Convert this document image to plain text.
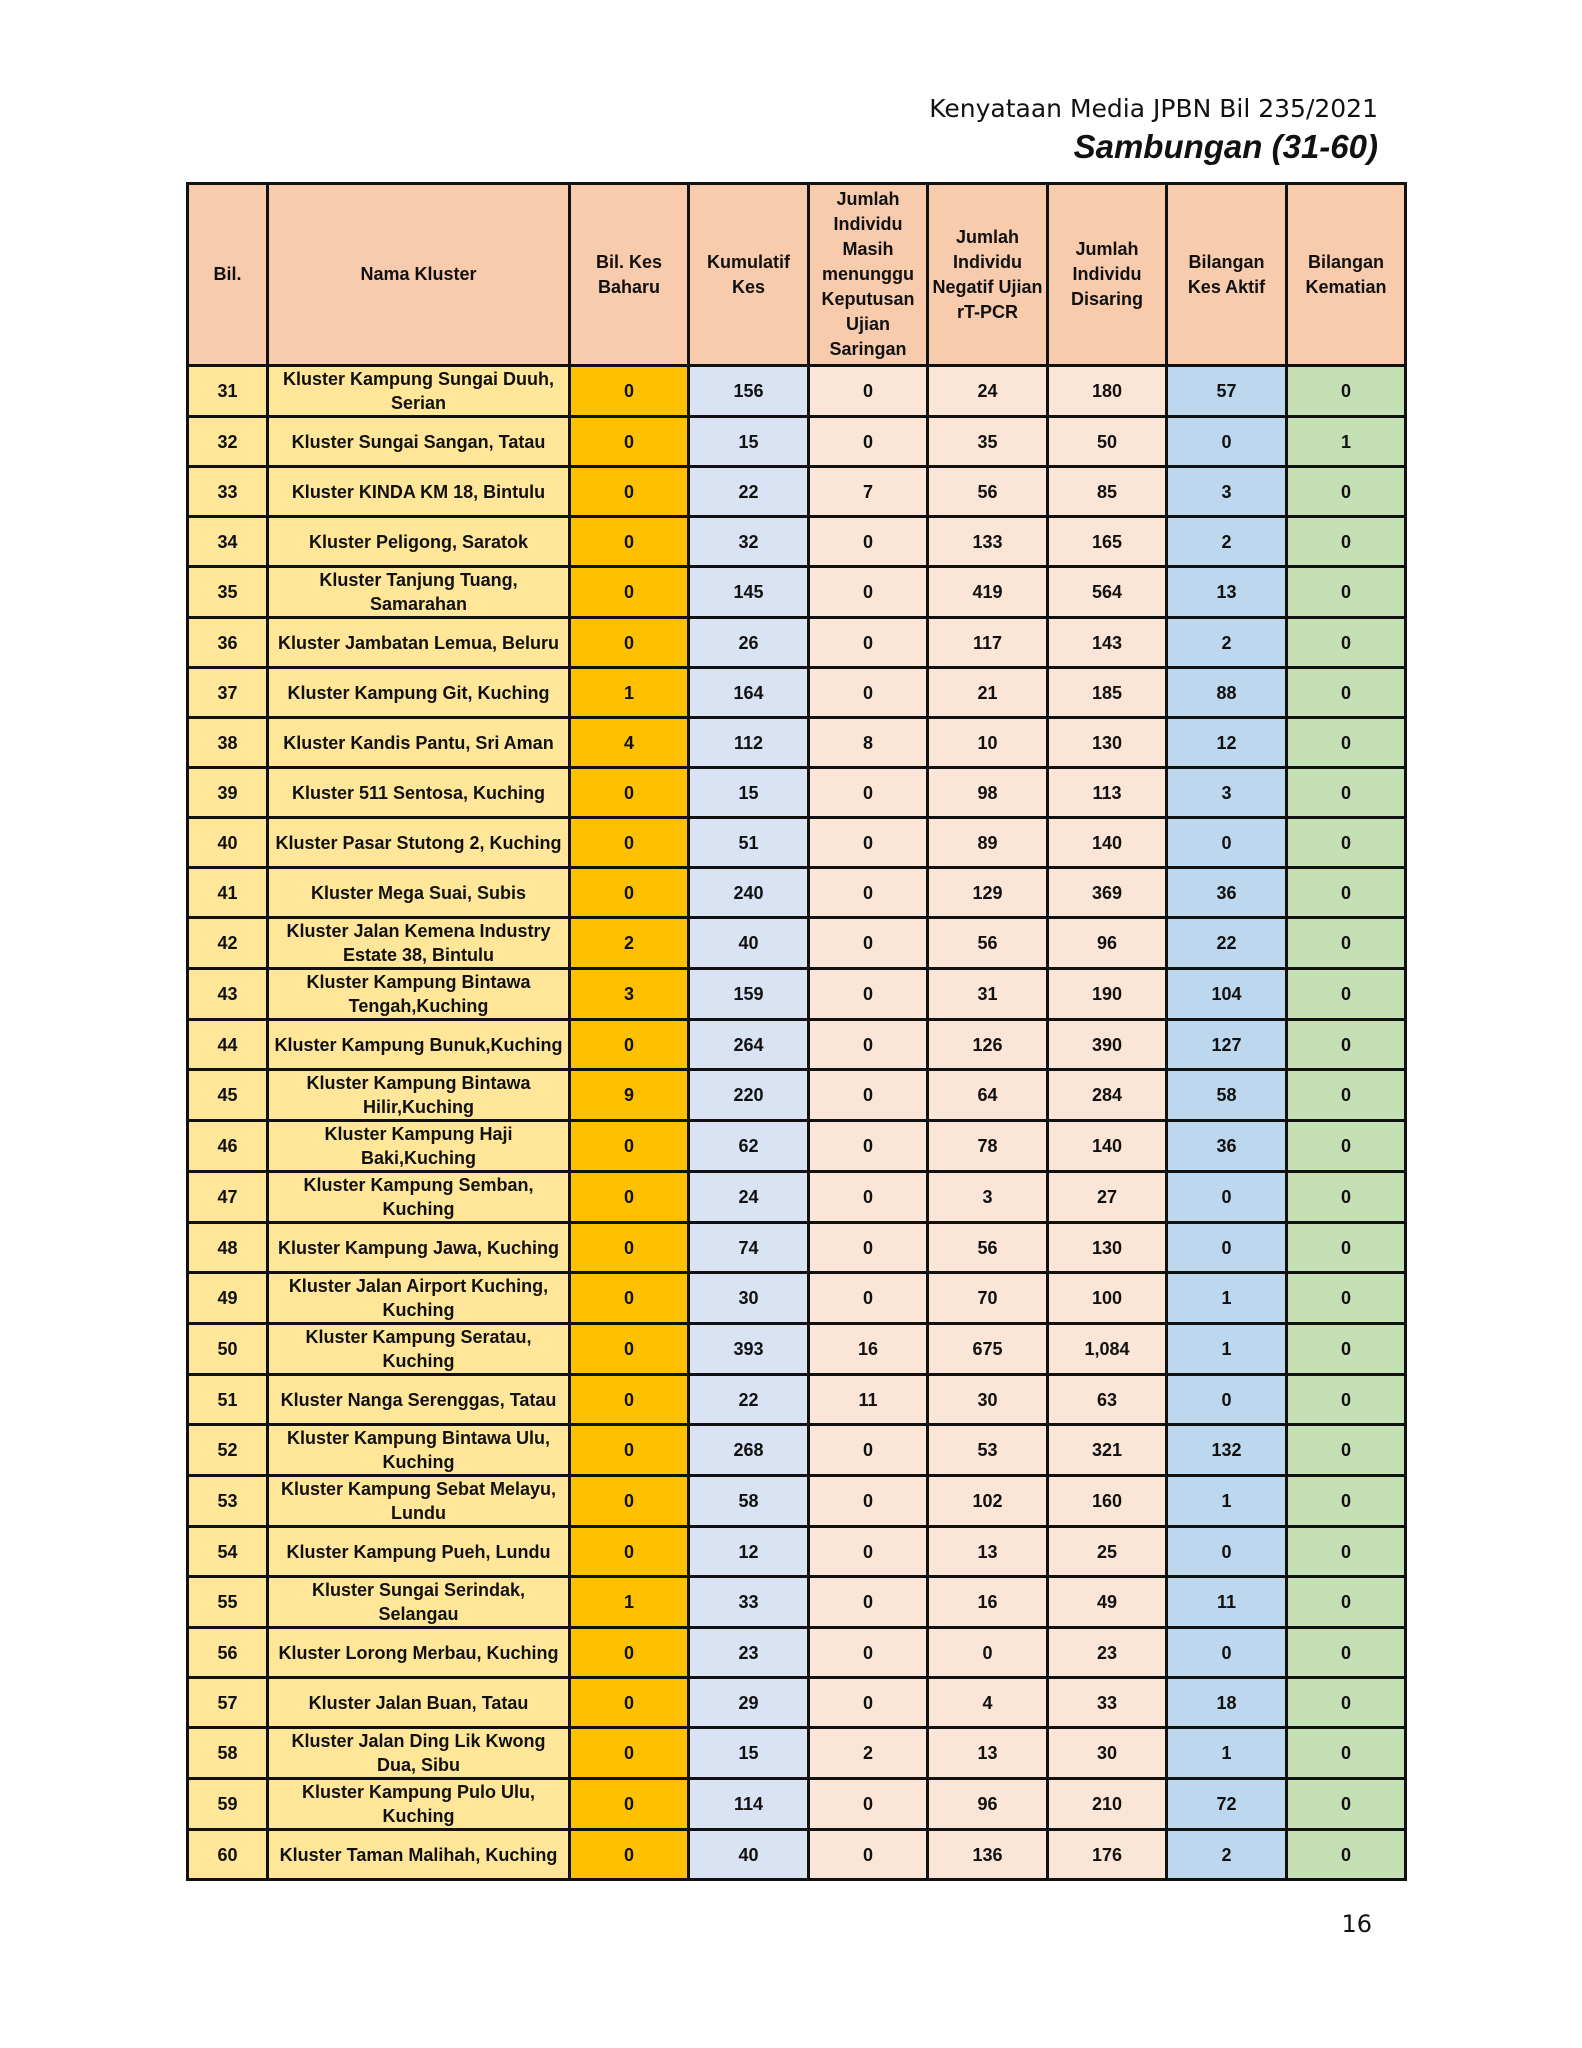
Kenyataan Media JPBN Bil 235/2021
Sambungan (31-60)
Bil.	Nama Kluster	Bil. Kes Baharu	Kumulatif Kes	Jumlah Individu Masih menunggu Keputusan Ujian Saringan	Jumlah Individu Negatif Ujian rT-PCR	Jumlah Individu Disaring	Bilangan Kes Aktif	Bilangan Kematian
31	Kluster Kampung Sungai Duuh, Serian	0	156	0	24	180	57	0
32	Kluster Sungai Sangan, Tatau	0	15	0	35	50	0	1
33	Kluster KINDA KM 18, Bintulu	0	22	7	56	85	3	0
34	Kluster Peligong, Saratok	0	32	0	133	165	2	0
35	Kluster Tanjung Tuang, Samarahan	0	145	0	419	564	13	0
36	Kluster Jambatan Lemua, Beluru	0	26	0	117	143	2	0
37	Kluster Kampung Git, Kuching	1	164	0	21	185	88	0
38	Kluster Kandis Pantu, Sri Aman	4	112	8	10	130	12	0
39	Kluster 511 Sentosa, Kuching	0	15	0	98	113	3	0
40	Kluster Pasar Stutong 2, Kuching	0	51	0	89	140	0	0
41	Kluster Mega Suai, Subis	0	240	0	129	369	36	0
42	Kluster Jalan Kemena Industry Estate 38, Bintulu	2	40	0	56	96	22	0
43	Kluster Kampung Bintawa Tengah,Kuching	3	159	0	31	190	104	0
44	Kluster Kampung Bunuk,Kuching	0	264	0	126	390	127	0
45	Kluster Kampung Bintawa Hilir,Kuching	9	220	0	64	284	58	0
46	Kluster Kampung Haji Baki,Kuching	0	62	0	78	140	36	0
47	Kluster Kampung Semban, Kuching	0	24	0	3	27	0	0
48	Kluster Kampung Jawa, Kuching	0	74	0	56	130	0	0
49	Kluster Jalan Airport Kuching, Kuching	0	30	0	70	100	1	0
50	Kluster Kampung Seratau, Kuching	0	393	16	675	1,084	1	0
51	Kluster Nanga Serenggas, Tatau	0	22	11	30	63	0	0
52	Kluster Kampung Bintawa Ulu, Kuching	0	268	0	53	321	132	0
53	Kluster Kampung Sebat Melayu, Lundu	0	58	0	102	160	1	0
54	Kluster Kampung Pueh, Lundu	0	12	0	13	25	0	0
55	Kluster Sungai Serindak, Selangau	1	33	0	16	49	11	0
56	Kluster Lorong Merbau, Kuching	0	23	0	0	23	0	0
57	Kluster Jalan Buan, Tatau	0	29	0	4	33	18	0
58	Kluster Jalan Ding Lik Kwong Dua, Sibu	0	15	2	13	30	1	0
59	Kluster Kampung Pulo Ulu, Kuching	0	114	0	96	210	72	0
60	Kluster Taman Malihah, Kuching	0	40	0	136	176	2	0
16
